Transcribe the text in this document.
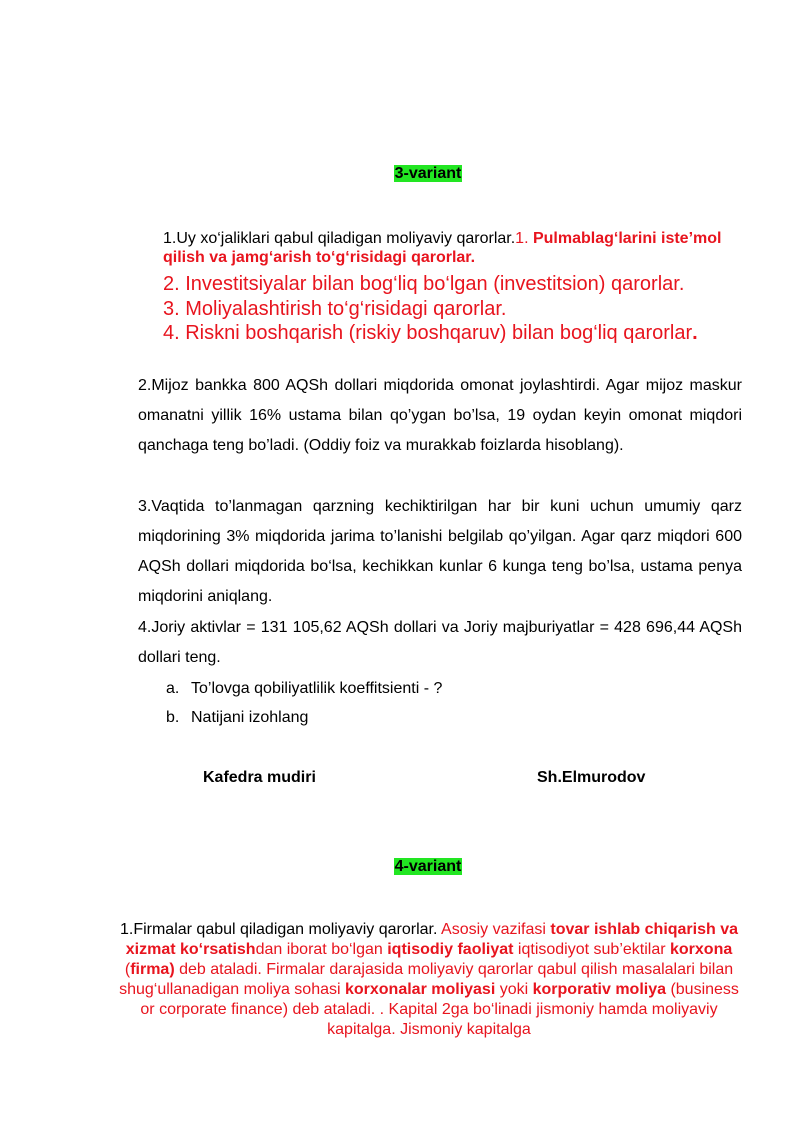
3-variant
1.Uy xo‘jaliklari qabul qiladigan moliyaviy qarorlar.1. Pulmablag‘larini iste’mol qilish va jamg‘arish to‘g‘risidagi qarorlar.
2. Investitsiyalar bilan bog‘liq bo‘lgan (investitsion) qarorlar.
3. Moliyalashtirish to‘g‘risidagi qarorlar.
4. Riskni boshqarish (riskiy boshqaruv) bilan bog‘liq qarorlar.
2.Mijoz bankka 800 AQSh dollari miqdorida omonat joylashtirdi. Agar mijoz maskur omanatni yillik 16% ustama bilan qo’ygan bo’lsa, 19 oydan keyin omonat miqdori qanchaga teng bo’ladi. (Oddiy foiz va murakkab foizlarda hisoblang).
3.Vaqtida to’lanmagan qarzning kechiktirilgan har bir kuni uchun umumiy qarz miqdorining 3% miqdorida jarima to’lanishi belgilab qo’yilgan. Agar qarz miqdori 600 AQSh dollari miqdorida bo‘lsa, kechikkan kunlar 6 kunga teng bo’lsa, ustama penya miqdorini aniqlang.
4.Joriy aktivlar = 131 105,62 AQSh dollari va Joriy majburiyatlar = 428 696,44 AQSh dollari teng.
a. To’lovga qobiliyatlilik koeffitsienti - ?
b. Natijani izohlang
Kafedra mudiri	Sh.Elmurodov
4-variant
1.Firmalar qabul qiladigan moliyaviy qarorlar. Asosiy vazifasi tovar ishlab chiqarish va xizmat ko‘rsatishdan iborat bo‘lgan iqtisodiy faoliyat iqtisodiyot sub’ektilar korxona (firma) deb ataladi. Firmalar darajasida moliyaviy qarorlar qabul qilish masalalari bilan shug‘ullanadigan moliya sohasi korxonalar moliyasi yoki korporativ moliya (business or corporate finance) deb ataladi. . Kapital 2ga bo‘linadi jismoniy hamda moliyaviy kapitalga. Jismoniy kapitalga
